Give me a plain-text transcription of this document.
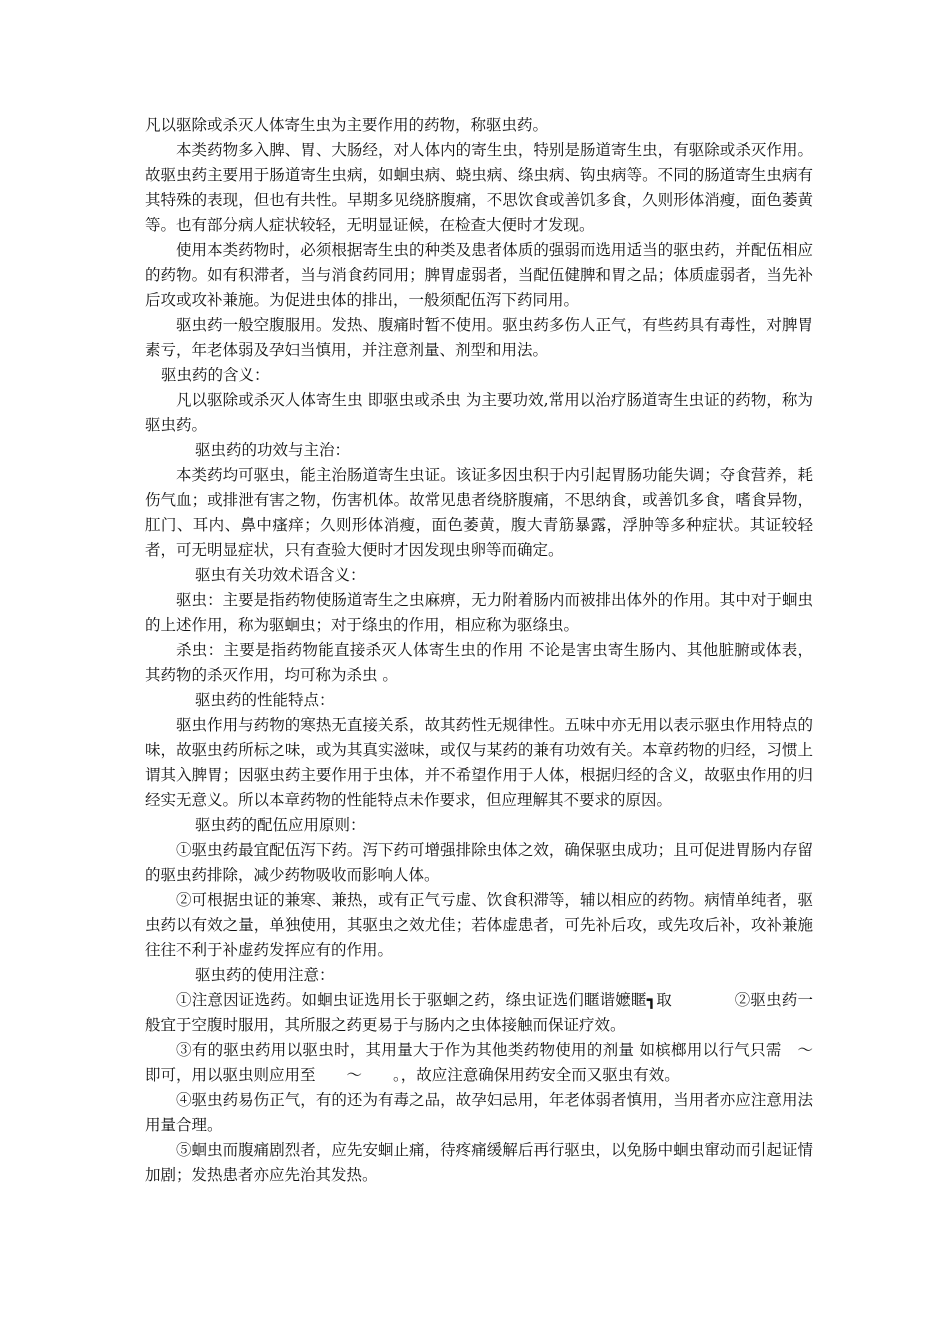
凡以驱除或杀灭人体寄生虫为主要作用的药物，称驱虫药。

本类药物多入脾、胃、大肠经，对人体内的寄生虫，特别是肠道寄生虫，有驱除或杀灭作用。故驱虫药主要用于肠道寄生虫病，如蛔虫病、蛲虫病、绦虫病、钩虫病等。不同的肠道寄生虫病有其特殊的表现，但也有共性。早期多见绕脐腹痛，不思饮食或善饥多食，久则形体消瘦，面色萎黄等。也有部分病人症状较轻，无明显证候，在检查大便时才发现。

使用本类药物时，必须根据寄生虫的种类及患者体质的强弱而选用适当的驱虫药，并配伍相应的药物。如有积滞者，当与消食药同用；脾胃虚弱者，当配伍健脾和胃之品；体质虚弱者，当先补后攻或攻补兼施。为促进虫体的排出，一般须配伍泻下药同用。

驱虫药一般空腹服用。发热、腹痛时暂不使用。驱虫药多伤人正气，有些药具有毒性，对脾胃素亏，年老体弱及孕妇当慎用，并注意剂量、剂型和用法。

驱虫药的含义：

凡以驱除或杀灭人体寄生虫 即驱虫或杀虫 为主要功效,常用以治疗肠道寄生虫证的药物，称为驱虫药。

驱虫药的功效与主治：

本类药均可驱虫，能主治肠道寄生虫证。该证多因虫积于内引起胃肠功能失调；夺食营养，耗伤气血；或排泄有害之物，伤害机体。故常见患者绕脐腹痛，不思纳食，或善饥多食，嗜食异物，肛门、耳内、鼻中瘙痒；久则形体消瘦，面色萎黄，腹大青筋暴露，浮肿等多种症状。其证较轻者，可无明显症状，只有查验大便时才因发现虫卵等而确定。

驱虫有关功效术语含义：

驱虫：主要是指药物使肠道寄生之虫麻痹，无力附着肠内而被排出体外的作用。其中对于蛔虫的上述作用，称为驱蛔虫；对于绦虫的作用，相应称为驱绦虫。

杀虫：主要是指药物能直接杀灭人体寄生虫的作用 不论是害虫寄生肠内、其他脏腑或体表，其药物的杀灭作用，均可称为杀虫 。

驱虫药的性能特点：

驱虫作用与药物的寒热无直接关系，故其药性无规律性。五味中亦无用以表示驱虫作用特点的味，故驱虫药所标之味，或为其真实滋味，或仅与某药的兼有功效有关。本章药物的归经，习惯上谓其入脾胃；因驱虫药主要作用于虫体，并不希望作用于人体，根据归经的含义，故驱虫作用的归经实无意义。所以本章药物的性能特点未作要求，但应理解其不要求的原因。

驱虫药的配伍应用原则：

①驱虫药最宜配伍泻下药。泻下药可增强排除虫体之效，确保驱虫成功；且可促进胃肠内存留的驱虫药排除，减少药物吸收而影响人体。

②可根据虫证的兼寒、兼热，或有正气亏虚、饮食积滞等，辅以相应的药物。病情单纯者，驱虫药以有效之量，单独使用，其驱虫之效尤佳；若体虚患者，可先补后攻，或先攻后补，攻补兼施往往不利于补虚药发挥应有的作用。

驱虫药的使用注意：

①注意因证选药。如蛔虫证选用长于驱蛔之药，绦虫证选们䁥谐嬷䁥┓取　　　　②驱虫药一般宜于空腹时服用，其所服之药更易于与肠内之虫体接触而保证疗效。

③有的驱虫药用以驱虫时，其用量大于作为其他类药物使用的剂量 如槟榔用以行气只需　～　　即可，用以驱虫则应用至　　～　　。，故应注意确保用药安全而又驱虫有效。

④驱虫药易伤正气，有的还为有毒之品，故孕妇忌用，年老体弱者慎用，当用者亦应注意用法用量合理。

⑤蛔虫而腹痛剧烈者，应先安蛔止痛，待疼痛缓解后再行驱虫，以免肠中蛔虫窜动而引起证情加剧；发热患者亦应先治其发热。
